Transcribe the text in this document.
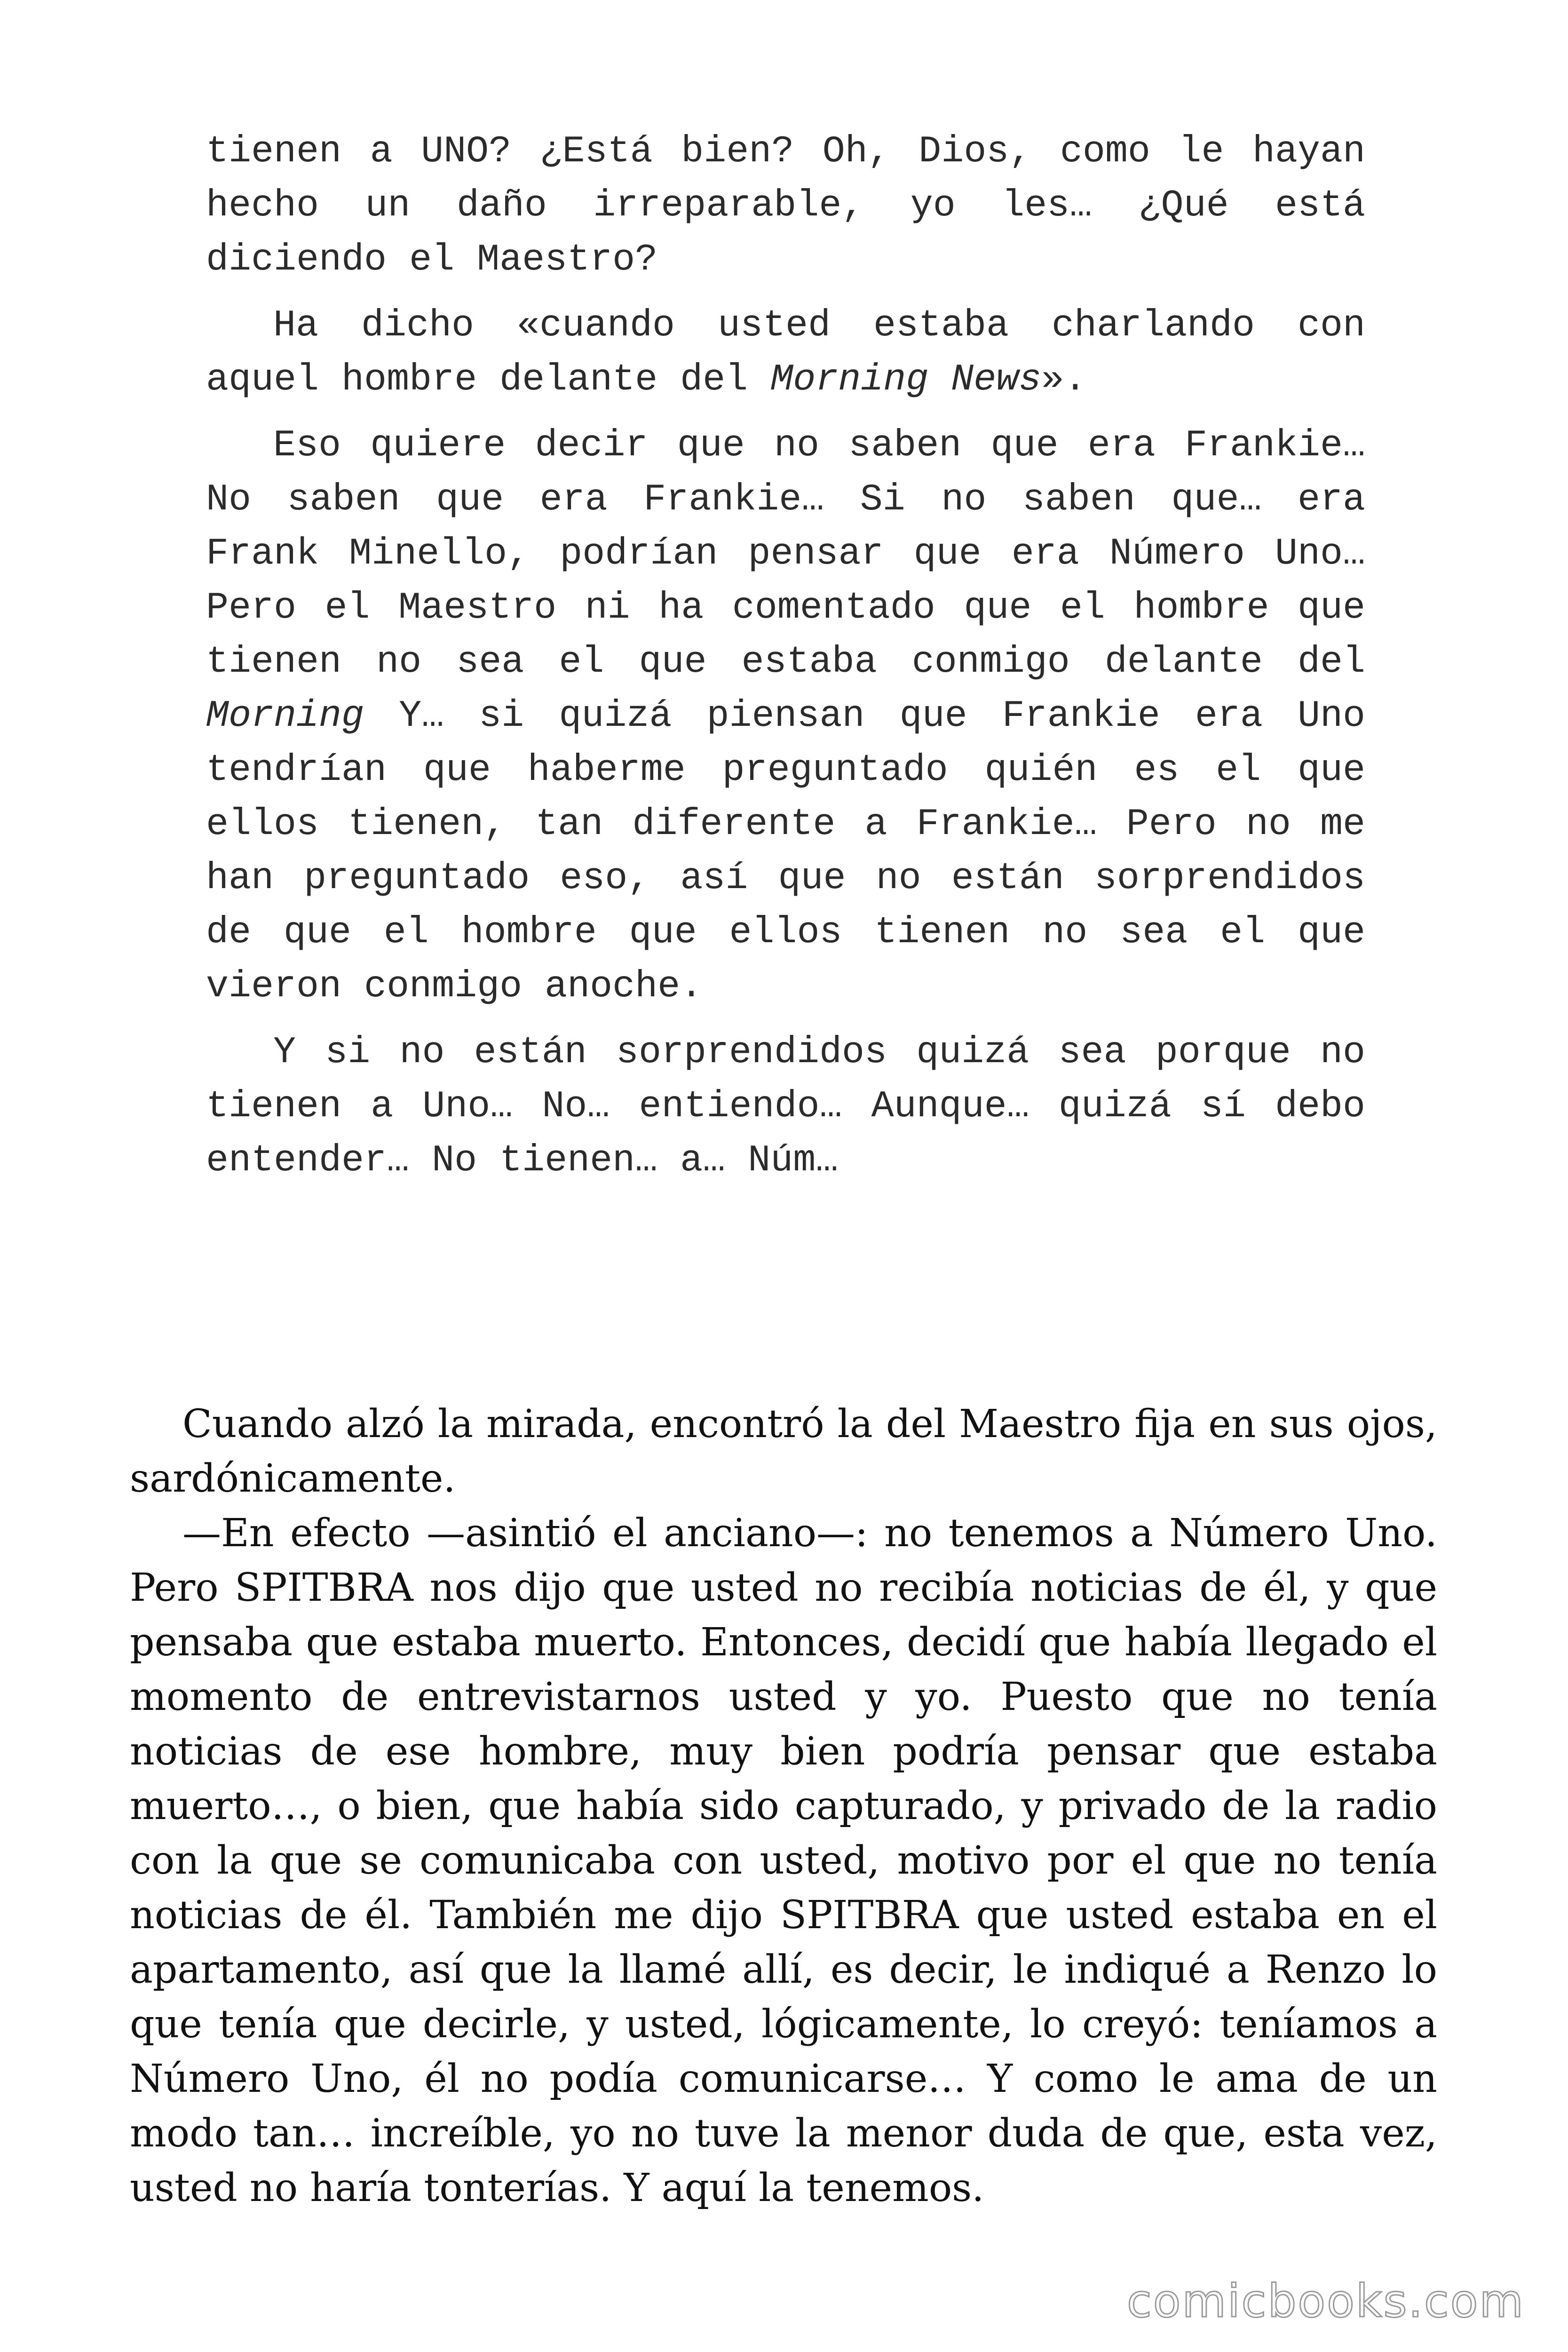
tienen a UNO? ¿Está bien? Oh, Dios, como le hayan hecho un daño irreparable, yo les… ¿Qué está diciendo el Maestro?

Ha dicho «cuando usted estaba charlando con aquel hombre delante del Morning News».

Eso quiere decir que no saben que era Frankie… No saben que era Frankie… Si no saben que… era Frank Minello, podrían pensar que era Número Uno… Pero el Maestro ni ha comentado que el hombre que tienen no sea el que estaba conmigo delante del Morning Y… si quizá piensan que Frankie era Uno tendrían que haberme preguntado quién es el que ellos tienen, tan diferente a Frankie… Pero no me han preguntado eso, así que no están sorprendidos de que el hombre que ellos tienen no sea el que vieron conmigo anoche.

Y si no están sorprendidos quizá sea porque no tienen a Uno… No… entiendo… Aunque… quizá sí debo entender… No tienen… a… Núm…

Cuando alzó la mirada, encontró la del Maestro fija en sus ojos, sardónicamente.

—En efecto —asintió el anciano—: no tenemos a Número Uno. Pero SPITBRA nos dijo que usted no recibía noticias de él, y que pensaba que estaba muerto. Entonces, decidí que había llegado el momento de entrevistarnos usted y yo. Puesto que no tenía noticias de ese hombre, muy bien podría pensar que estaba muerto…, o bien, que había sido capturado, y privado de la radio con la que se comunicaba con usted, motivo por el que no tenía noticias de él. También me dijo SPITBRA que usted estaba en el apartamento, así que la llamé allí, es decir, le indiqué a Renzo lo que tenía que decirle, y usted, lógicamente, lo creyó: teníamos a Número Uno, él no podía comunicarse… Y como le ama de un modo tan… increíble, yo no tuve la menor duda de que, esta vez, usted no haría tonterías. Y aquí la tenemos.

comicbooks.com
